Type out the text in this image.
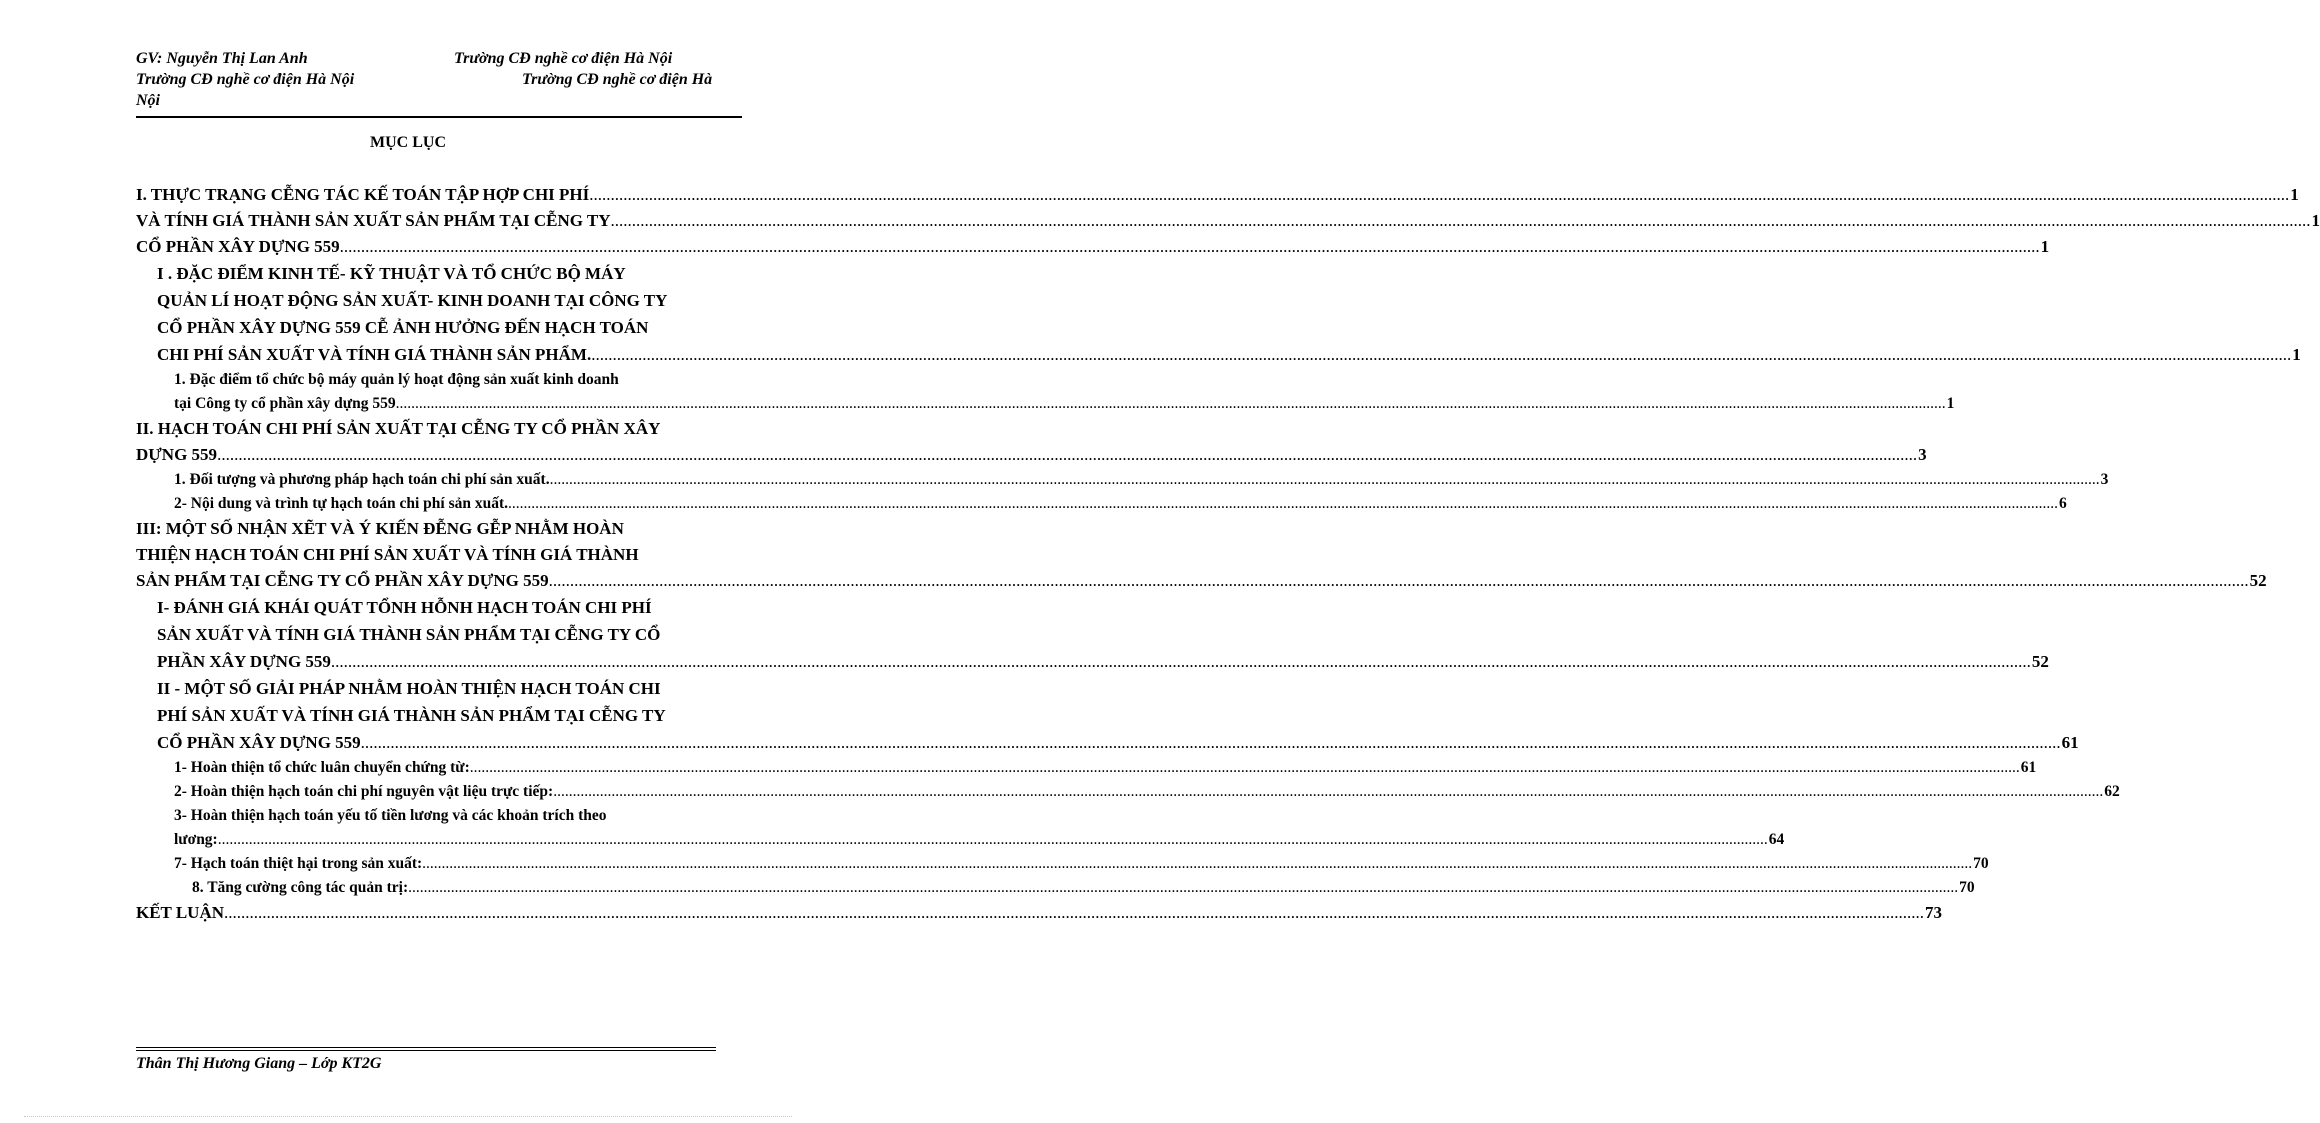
GV: Nguyễn Thị Lan Anh	Trường CĐ nghề cơ điện Hà Nội
Trường CĐ nghề cơ điện Hà Nội	Trường CĐ nghề cơ điện Hà
Nội
MỤC LỤC
I. THỰC TRẠNG CỄNG TÁC KẾ TOÁN TẬP HỢP CHI PHÍ ................................................................................................................................................................................................................................................................................................................................................................................................................ 1
VÀ TÍNH GIÁ THÀNH SẢN XUẤT SẢN PHẨM TẠI CỄNG TY ................................................................................................................................................................................................................................................................................................................................................................................................................ 1
CỔ PHẦN XÂY DỰNG 559 ................................................................................................................................................................................................................................................................................................................................................................................................................ 1
I . ĐẶC ĐIỂM KINH TẾ- KỸ THUẬT VÀ TỔ CHỨC BỘ MÁY
QUẢN LÍ HOẠT ĐỘNG SẢN XUẤT- KINH DOANH TẠI CÔNG TY
CỔ PHẦN XÂY DỰNG 559 CỄ ẢNH HƯỞNG ĐẾN HẠCH TOÁN
CHI PHÍ SẢN XUẤT VÀ TÍNH GIÁ THÀNH SẢN PHẨM. ................................................................................................................................................................................................................................................................................................................................................................................................................ 1
1. Đặc điểm tổ chức bộ máy quản lý hoạt động sản xuất kinh doanh
tại Công ty cổ phần xây dựng 559 ................................................................................................................................................................................................................................................................................................................................................................................................................ 1
II. HẠCH TOÁN CHI PHÍ SẢN XUẤT TẠI CỄNG TY CỔ PHẦN XÂY
DỰNG 559 ................................................................................................................................................................................................................................................................................................................................................................................................................ 3
1. Đối tượng và phương pháp hạch toán chi phí sản xuất. ................................................................................................................................................................................................................................................................................................................................................................................................................ 3
2- Nội dung và trình tự hạch toán chi phí sản xuất. ................................................................................................................................................................................................................................................................................................................................................................................................................ 6
III: MỘT SỐ NHẬN XẼT VÀ Ý KIẾN ĐỄNG GỄP NHẰM HOÀN
THIỆN HẠCH TOÁN CHI PHÍ SẢN XUẤT VÀ TÍNH GIÁ THÀNH
SẢN PHẨM TẠI CỄNG TY CỔ PHẦN XÂY DỰNG 559 ................................................................................................................................................................................................................................................................................................................................................................................................................ 52
I- ĐÁNH GIÁ KHÁI QUÁT TỔNH HỖNH HẠCH TOÁN CHI PHÍ
SẢN XUẤT VÀ TÍNH GIÁ THÀNH SẢN PHẨM TẠI CỄNG TY CỔ
PHẦN XÂY DỰNG 559 ................................................................................................................................................................................................................................................................................................................................................................................................................ 52
II - MỘT SỐ GIẢI PHÁP NHẰM HOÀN THIỆN HẠCH TOÁN CHI
PHÍ SẢN XUẤT VÀ TÍNH GIÁ THÀNH SẢN PHẨM TẠI CỄNG TY
CỔ PHẦN XÂY DỰNG 559 ................................................................................................................................................................................................................................................................................................................................................................................................................ 61
1- Hoàn thiện tổ chức luân chuyển chứng từ: ................................................................................................................................................................................................................................................................................................................................................................................................................ 61
2- Hoàn thiện hạch toán chi phí nguyên vật liệu trực tiếp: ................................................................................................................................................................................................................................................................................................................................................................................................................ 62
3- Hoàn thiện hạch toán yếu tố tiền lương và các khoản trích theo
lương: ................................................................................................................................................................................................................................................................................................................................................................................................................ 64
7- Hạch toán thiệt hại trong sản xuất: ................................................................................................................................................................................................................................................................................................................................................................................................................ 70
8. Tăng cường công tác quản trị: ................................................................................................................................................................................................................................................................................................................................................................................................................ 70
KẾT LUẬN ................................................................................................................................................................................................................................................................................................................................................................................................................ 73
Thân Thị Hương Giang – Lớp KT2G
